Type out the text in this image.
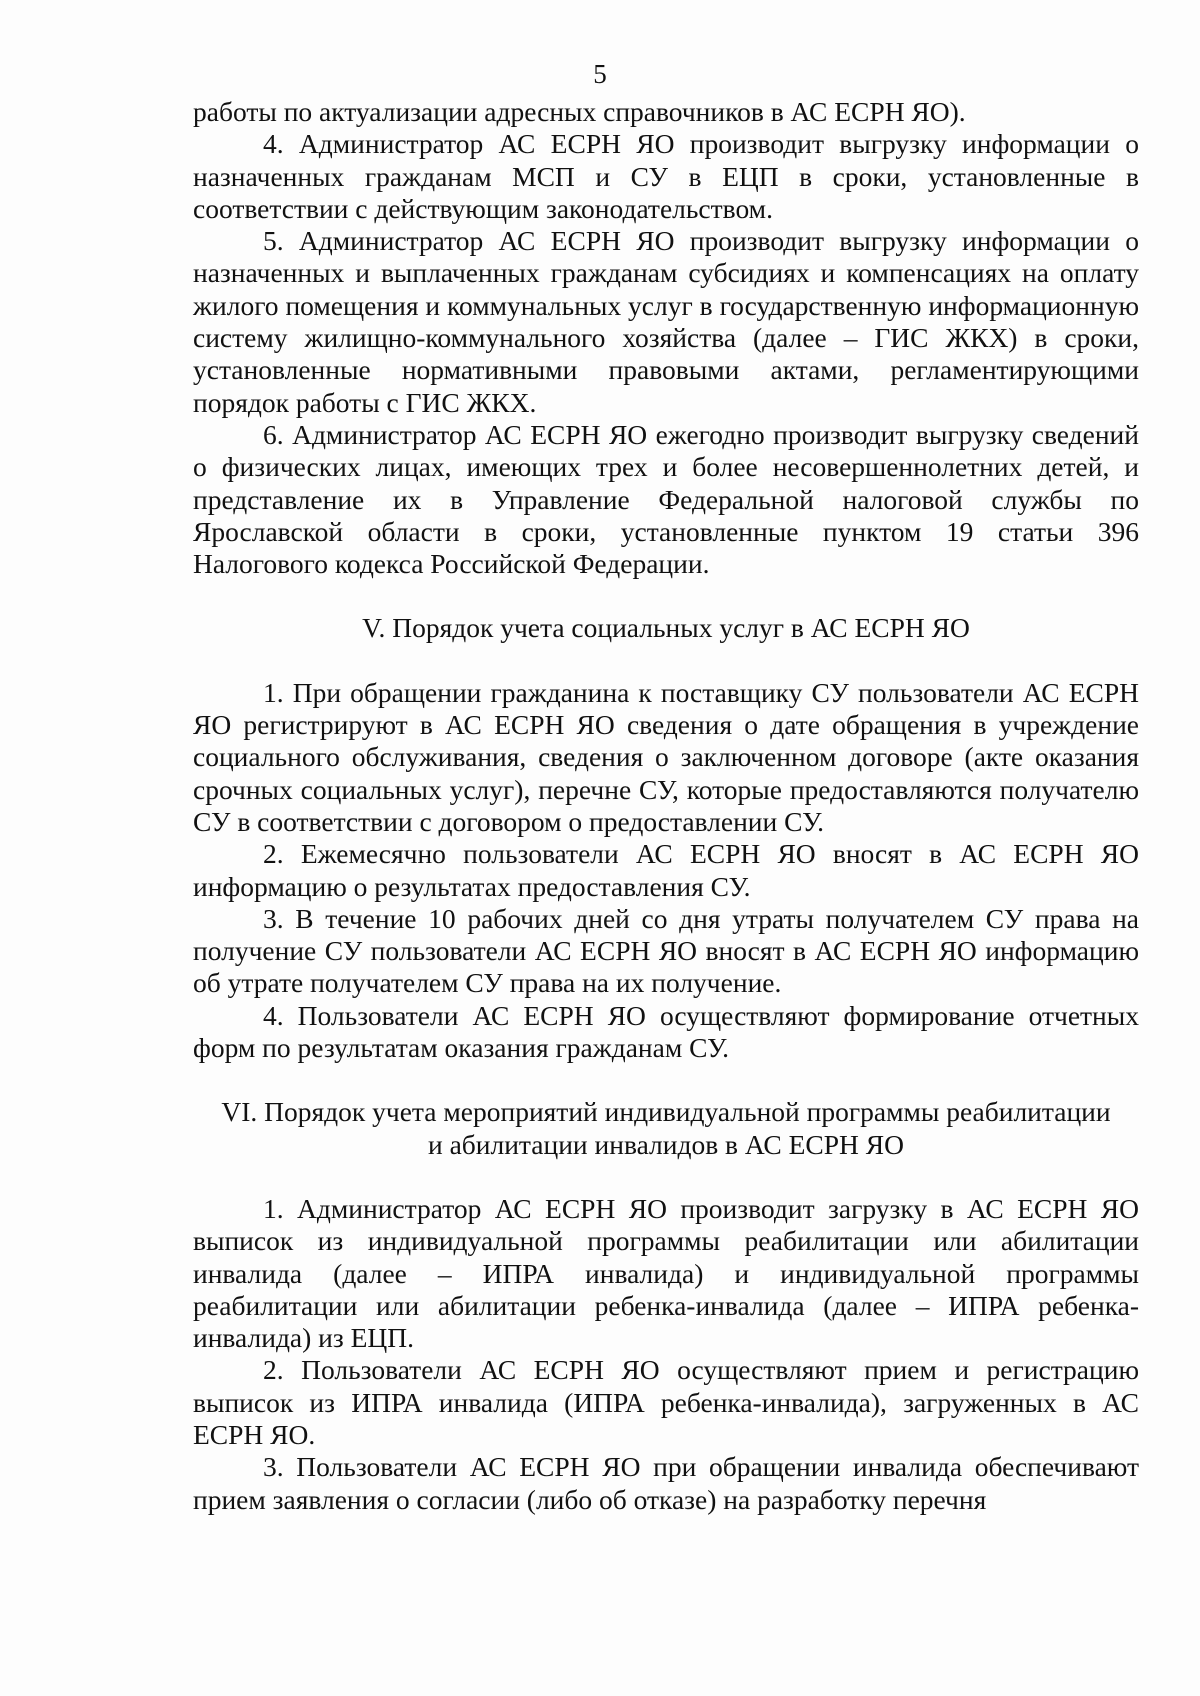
5

работы по актуализации адресных справочников в АС ЕСРН ЯО).

4. Администратор АС ЕСРН ЯО производит выгрузку информации о назначенных гражданам МСП и СУ в ЕЦП в сроки, установленные в соответствии с действующим законодательством.

5. Администратор АС ЕСРН ЯО производит выгрузку информации о назначенных и выплаченных гражданам субсидиях и компенсациях на оплату жилого помещения и коммунальных услуг в государственную информационную систему жилищно-коммунального хозяйства (далее – ГИС ЖКХ) в сроки, установленные нормативными правовыми актами, регламентирующими порядок работы с ГИС ЖКХ.

6. Администратор АС ЕСРН ЯО ежегодно производит выгрузку сведений о физических лицах, имеющих трех и более несовершеннолетних детей, и представление их в Управление Федеральной налоговой службы по Ярославской области в сроки, установленные пунктом 19 статьи 396 Налогового кодекса Российской Федерации.

V. Порядок учета социальных услуг в АС ЕСРН ЯО

1. При обращении гражданина к поставщику СУ пользователи АС ЕСРН ЯО регистрируют в АС ЕСРН ЯО сведения о дате обращения в учреждение социального обслуживания, сведения о заключенном договоре (акте оказания срочных социальных услуг), перечне СУ, которые предоставляются получателю СУ в соответствии с договором о предоставлении СУ.

2. Ежемесячно пользователи АС ЕСРН ЯО вносят в АС ЕСРН ЯО информацию о результатах предоставления СУ.

3. В течение 10 рабочих дней со дня утраты получателем СУ права на получение СУ пользователи АС ЕСРН ЯО вносят в АС ЕСРН ЯО информацию об утрате получателем СУ права на их получение.

4. Пользователи АС ЕСРН ЯО осуществляют формирование отчетных форм по результатам оказания гражданам СУ.

VI. Порядок учета мероприятий индивидуальной программы реабилитации

и абилитации инвалидов в АС ЕСРН ЯО

1. Администратор АС ЕСРН ЯО производит загрузку в АС ЕСРН ЯО выписок из индивидуальной программы реабилитации или абилитации инвалида (далее – ИПРА инвалида) и индивидуальной программы реабилитации или абилитации ребенка-инвалида (далее – ИПРА ребенка-инвалида) из ЕЦП.

2. Пользователи АС ЕСРН ЯО осуществляют прием и регистрацию выписок из ИПРА инвалида (ИПРА ребенка-инвалида), загруженных в АС ЕСРН ЯО.

3. Пользователи АС ЕСРН ЯО при обращении инвалида обеспечивают прием заявления о согласии (либо об отказе) на разработку перечня
